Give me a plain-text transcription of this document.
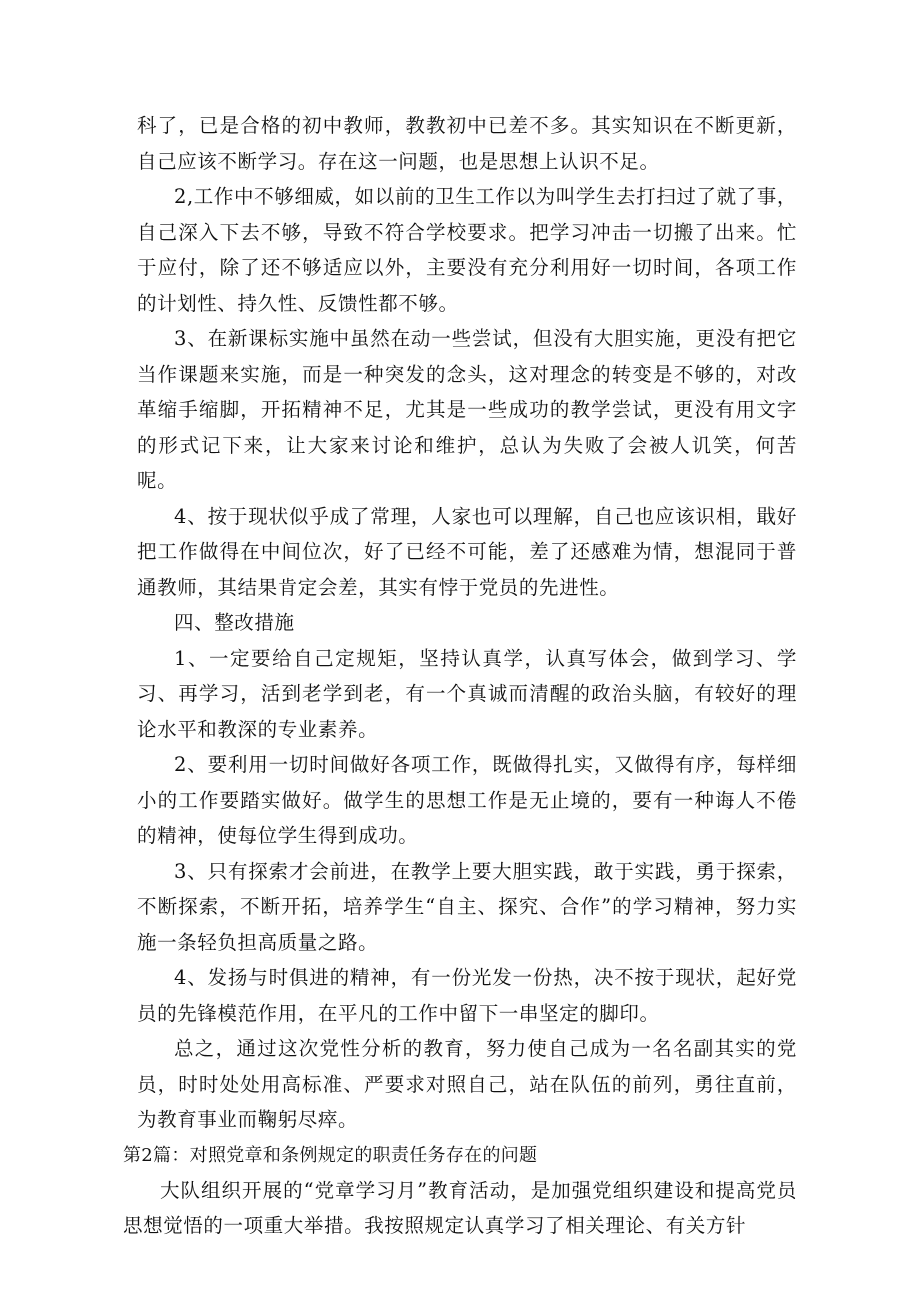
科了，已是合格的初中教师，教教初中已差不多。其实知识在不断更新，自己应该不断学习。存在这一问题，也是思想上认识不足。

2,工作中不够细威，如以前的卫生工作以为叫学生去打扫过了就了事，自己深入下去不够，导致不符合学校要求。把学习冲击一切搬了出来。忙于应付，除了还不够适应以外，主要没有充分利用好一切时间，各项工作的计划性、持久性、反馈性都不够。

3、在新课标实施中虽然在动一些尝试，但没有大胆实施，更没有把它当作课题来实施，而是一种突发的念头，这对理念的转变是不够的，对改革缩手缩脚，开拓精神不足，尤其是一些成功的教学尝试，更没有用文字的形式记下来，让大家来讨论和维护，总认为失败了会被人讥笑，何苦呢。

4、按于现状似乎成了常理，人家也可以理解，自己也应该识相，戢好把工作做得在中间位次，好了已经不可能，差了还感难为情，想混同于普通教师，其结果肯定会差，其实有悖于党员的先进性。

四、整改措施

1、一定要给自己定规矩，坚持认真学，认真写体会，做到学习、学习、再学习，活到老学到老，有一个真诚而清醒的政治头脑，有较好的理论水平和教深的专业素养。

2、要利用一切时间做好各项工作，既做得扎实，又做得有序，每样细小的工作要踏实做好。做学生的思想工作是无止境的，要有一种诲人不倦的精神，使每位学生得到成功。

3、只有探索才会前进，在教学上要大胆实践，敢于实践，勇于探索，不断探索，不断开拓，培养学生“自主、探究、合作”的学习精神，努力实施一条轻负担高质量之路。

4、发扬与时俱进的精神，有一份光发一份热，决不按于现状，起好党员的先锋模范作用，在平凡的工作中留下一串坚定的脚印。

总之，通过这次党性分析的教育，努力使自己成为一名名副其实的党员，时时处处用高标准、严要求对照自己，站在队伍的前列，勇往直前，为教育事业而鞠躬尽瘁。

第2篇：对照党章和条例规定的职责任务存在的问题

大队组织开展的“党章学习月”教育活动，是加强党组织建设和提高党员思想觉悟的一项重大举措。我按照规定认真学习了相关理论、有关方针
